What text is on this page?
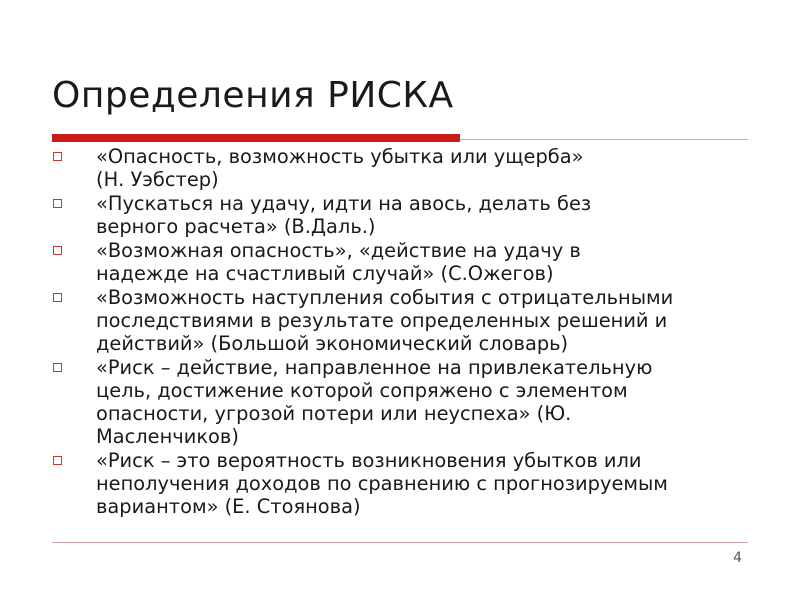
Определения РИСКА
«Опасность, возможность убытка или ущерба»
(Н. Уэбстер)
«Пускаться на удачу, идти на авось, делать без
верного расчета» (В.Даль.)
«Возможная опасность», «действие на удачу в
надежде на счастливый случай» (С.Ожегов)
«Возможность наступления события с отрицательными
последствиями в результате определенных решений и
действий» (Большой экономический словарь)
«Риск – действие, направленное на привлекательную
цель, достижение которой сопряжено с элементом
опасности, угрозой потери или неуспеха» (Ю.
Масленчиков)
«Риск – это вероятность возникновения убытков или
неполучения доходов по сравнению с прогнозируемым
вариантом» (Е. Стоянова)
4
